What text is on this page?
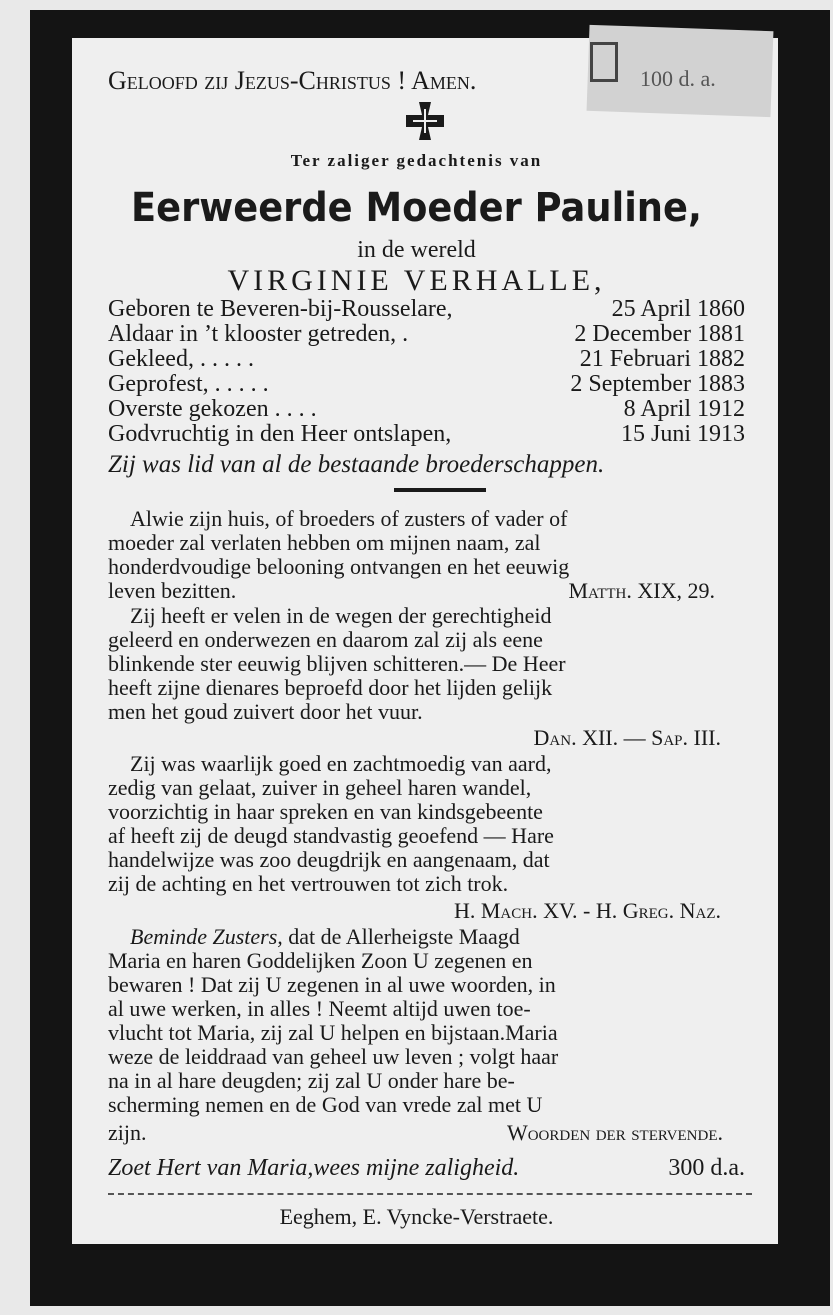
100 d. a.
Geloofd zij Jezus-Christus ! Amen.
Ter zaliger gedachtenis van
Eerweerde Moeder Pauline,
in de wereld
VIRGINIE VERHALLE,
Geboren te Beveren-bij-Rousselare,	25 April 1860
Aldaar in ’t klooster getreden, .	2 December 1881
Gekleed, . . . . .	21 Februari 1882
Geprofest, . . . . .	2 September 1883
Overste gekozen . . . .	8 April 1912
Godvruchtig in den Heer ontslapen,	15 Juni 1913
Zij was lid van al de bestaande broederschappen.
Alwie zijn huis, of broeders of zusters of vader of
moeder zal verlaten hebben om mijnen naam, zal
honderdvoudige belooning ontvangen en het eeuwig
leven bezitten.	Matth. XIX, 29.
Zij heeft er velen in de wegen der gerechtigheid
geleerd en onderwezen en daarom zal zij als eene
blinkende ster eeuwig blijven schitteren.— De Heer
heeft zijne dienares beproefd door het lijden gelijk
men het goud zuivert door het vuur.
Dan. XII. — Sap. III.
Zij was waarlijk goed en zachtmoedig van aard,
zedig van gelaat, zuiver in geheel haren wandel,
voorzichtig in haar spreken en van kindsgebeente
af heeft zij de deugd standvastig geoefend — Hare
handelwijze was zoo deugdrijk en aangenaam, dat
zij de achting en het vertrouwen tot zich trok.
H. Mach. XV. - H. Greg. Naz.
Beminde Zusters, dat de Allerheigste Maagd
Maria en haren Goddelijken Zoon U zegenen en
bewaren ! Dat zij U zegenen in al uwe woorden, in
al uwe werken, in alles ! Neemt altijd uwen toe-
vlucht tot Maria, zij zal U helpen en bijstaan.Maria
weze de leiddraad van geheel uw leven ; volgt haar
na in al hare deugden; zij zal U onder hare be-
scherming nemen en de God van vrede zal met U
zijn.	Woorden der stervende.
Zoet Hert van Maria,wees mijne zaligheid.	300 d.a.
Eeghem, E. Vyncke-Verstraete.
